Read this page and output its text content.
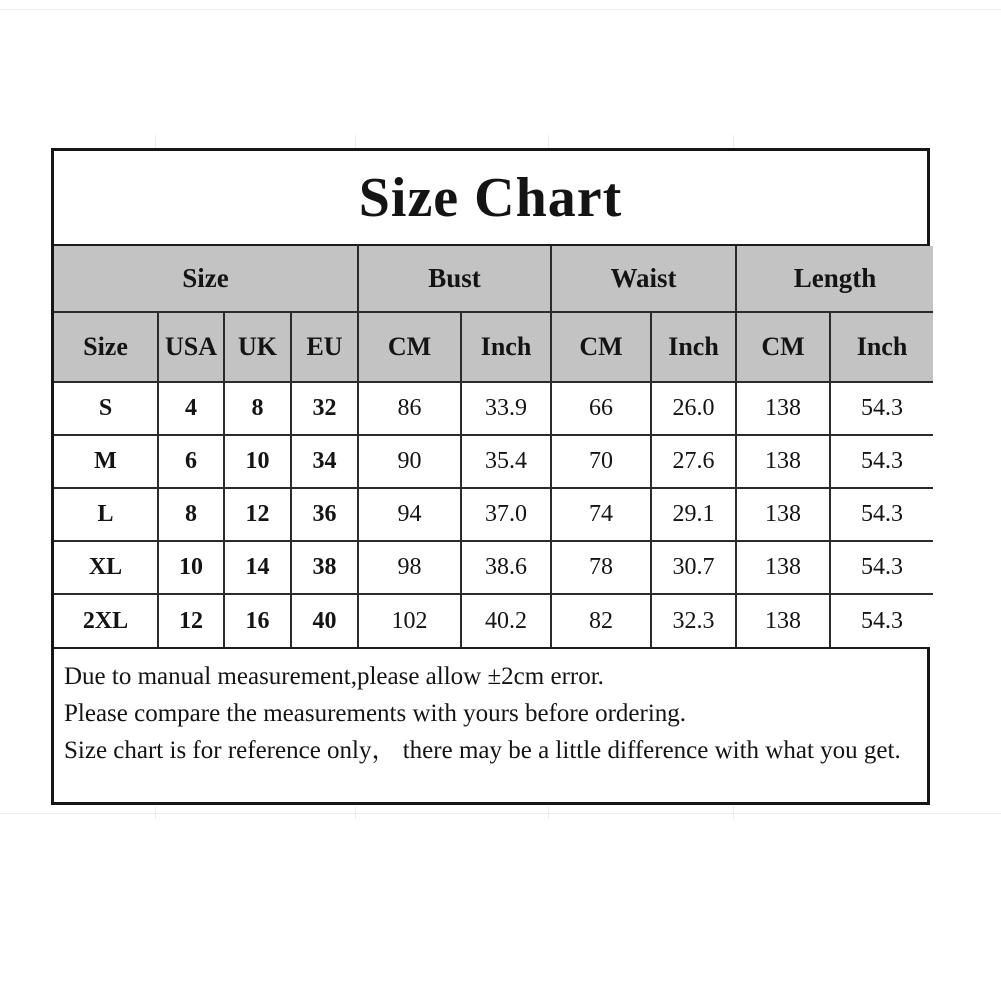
Size Chart
Size				Bust		Waist		Length	
Size	USA	UK	EU	CM	Inch	CM	Inch	CM	Inch
S	4	8	32	86	33.9	66	26.0	138	54.3
M	6	10	34	90	35.4	70	27.6	138	54.3
L	8	12	36	94	37.0	74	29.1	138	54.3
XL	10	14	38	98	38.6	78	30.7	138	54.3
2XL	12	16	40	102	40.2	82	32.3	138	54.3

Due to manual measurement,please allow ±2cm error.

Please compare the measurements with yours before ordering.

Size chart is for reference only， there may be a little difference with what you get.
